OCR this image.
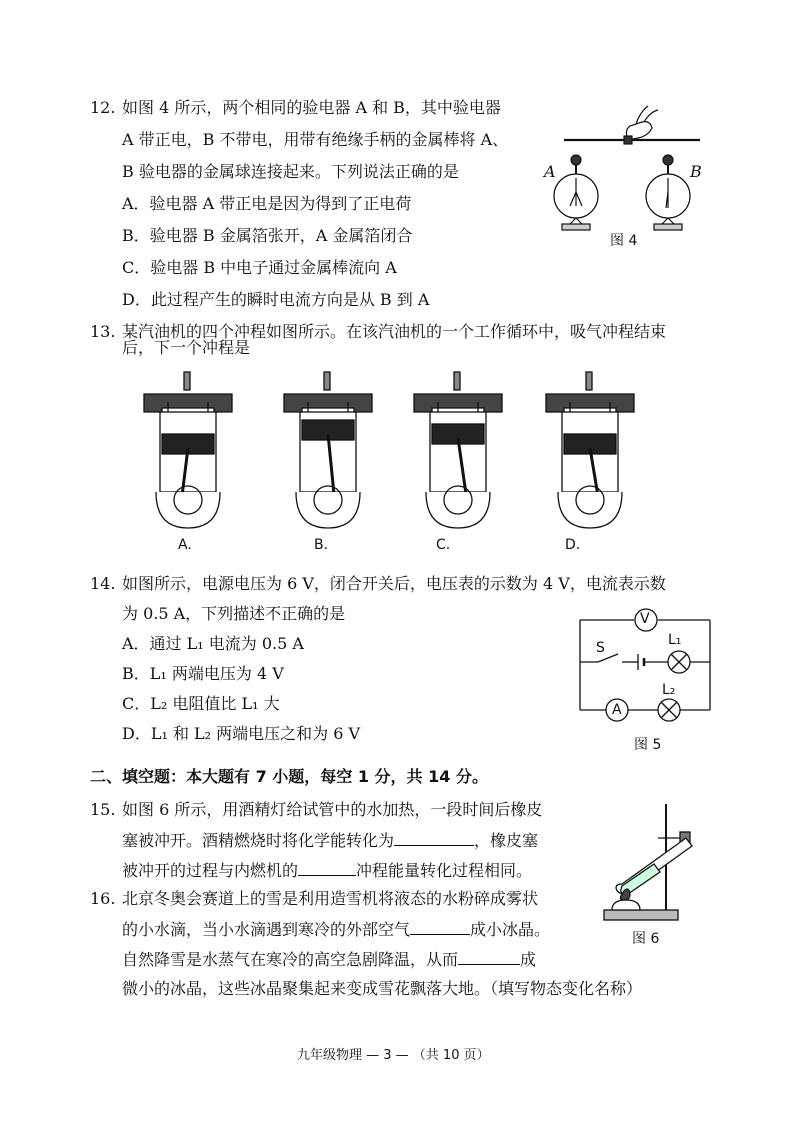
12. 如图 4 所示，两个相同的验电器 A 和 B，其中验电器
A 带正电，B 不带电，用带有绝缘手柄的金属棒将 A、
B 验电器的金属球连接起来。下列说法正确的是
A．验电器 A 带正电是因为得到了正电荷
B．验电器 B 金属箔张开，A 金属箔闭合
C．验电器 B 中电子通过金属棒流向 A
D．此过程产生的瞬时电流方向是从 B 到 A
A	B
图 4
13. 某汽油机的四个冲程如图所示。在该汽油机的一个工作循环中，吸气冲程结束
后，下一个冲程是
A.	B.	C.	D.
14. 如图所示，电源电压为 6 V，闭合开关后，电压表的示数为 4 V，电流表示数
为 0.5 A，下列描述不正确的是
A．通过 L₁ 电流为 0.5 A
B．L₁ 两端电压为 4 V
C．L₂ 电阻值比 L₁ 大
D．L₁ 和 L₂ 两端电压之和为 6 V
V
A
S	L₁
L₂
图 5
二、填空题：本大题有 7 小题，每空 1 分，共 14 分。
15. 如图 6 所示，用酒精灯给试管中的水加热，一段时间后橡皮
塞被冲开。酒精燃烧时将化学能转化为	，橡皮塞
被冲开的过程与内燃机的	冲程能量转化过程相同。
图 6
16. 北京冬奥会赛道上的雪是利用造雪机将液态的水粉碎成雾状
的小水滴，当小水滴遇到寒冷的外部空气	成小冰晶。
自然降雪是水蒸气在寒冷的高空急剧降温，从而	成
微小的冰晶，这些冰晶聚集起来变成雪花飘落大地。（填写物态变化名称）
九年级物理 — 3 — （共 10 页）
